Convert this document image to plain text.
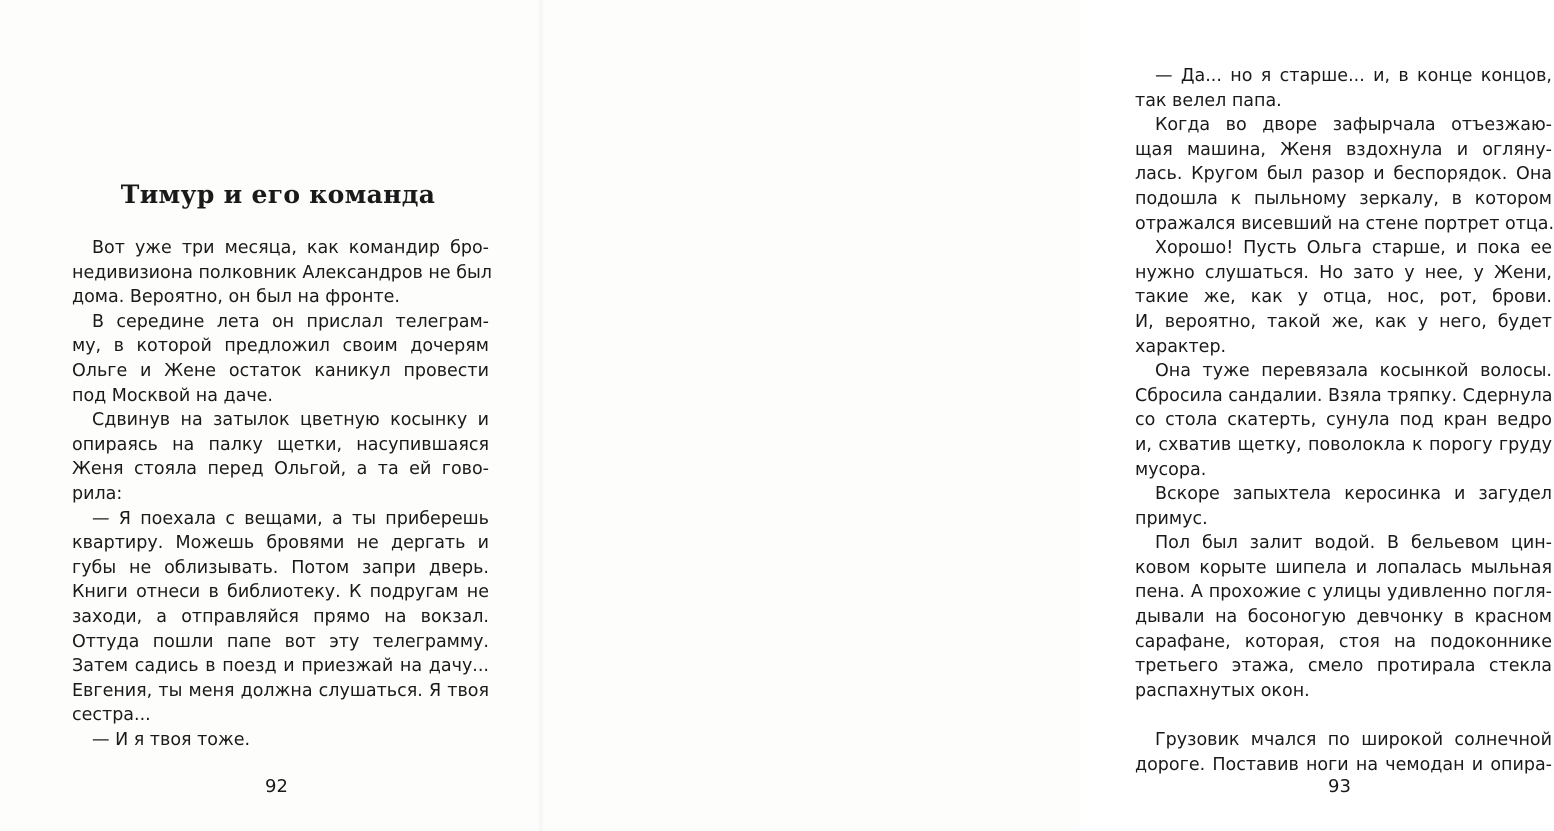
Тимур и его команда
Вот уже три месяца, как командир бро-
недивизиона полковник Александров не был
дома. Вероятно, он был на фронте.
В середине лета он прислал телеграм-
му, в которой предложил своим дочерям
Ольге и Жене остаток каникул провести
под Москвой на даче.
Сдвинув на затылок цветную косынку и
опираясь на палку щетки, насупившаяся
Женя стояла перед Ольгой, а та ей гово-
рила:
— Я поехала с вещами, а ты приберешь
квартиру. Можешь бровями не дергать и
губы не облизывать. Потом запри дверь.
Книги отнеси в библиотеку. К подругам не
заходи, а отправляйся прямо на вокзал.
Оттуда пошли папе вот эту телеграмму.
Затем садись в поезд и приезжай на дачу...
Евгения, ты меня должна слушаться. Я твоя
сестра...
— И я твоя тоже.
92
— Да... но я старше... и, в конце концов,
так велел папа.
Когда во дворе зафырчала отъезжаю-
щая машина, Женя вздохнула и огляну-
лась. Кругом был разор и беспорядок. Она
подошла к пыльному зеркалу, в котором
отражался висевший на стене портрет отца.
Хорошо! Пусть Ольга старше, и пока ее
нужно слушаться. Но зато у нее, у Жени,
такие же, как у отца, нос, рот, брови.
И, вероятно, такой же, как у него, будет
характер.
Она туже перевязала косынкой волосы.
Сбросила сандалии. Взяла тряпку. Сдернула
со стола скатерть, сунула под кран ведро
и, схватив щетку, поволокла к порогу груду
мусора.
Вскоре запыхтела керосинка и загудел
примус.
Пол был залит водой. В бельевом цин-
ковом корыте шипела и лопалась мыльная
пена. А прохожие с улицы удивленно погля-
дывали на босоногую девчонку в красном
сарафане, которая, стоя на подоконнике
третьего этажа, смело протирала стекла
распахнутых окон.
Грузовик мчался по широкой солнечной
дороге. Поставив ноги на чемодан и опира-
93
